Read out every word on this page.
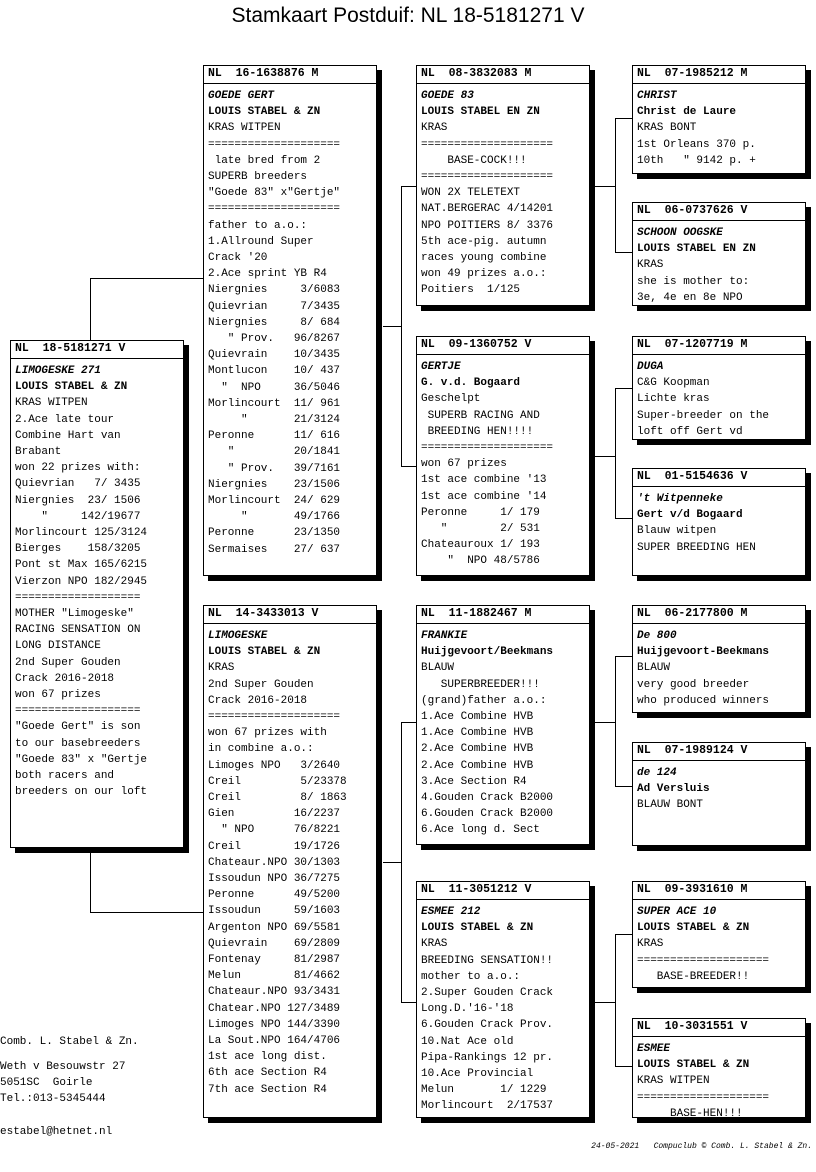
Stamkaart Postduif: NL 18-5181271 V
NL  18-5181271 V
LIMOGESKE 271
LOUIS STABEL & ZN
KRAS WITPEN
2.Ace late tour
Combine Hart van
Brabant
won 22 prizes with:
Quievrian   7/ 3435
Niergnies  23/ 1506
"     142/19677
Morlincourt 125/3124
Bierges    158/3205
Pont st Max 165/6215
Vierzon NPO 182/2945
===================
MOTHER "Limogeske"
RACING SENSATION ON
LONG DISTANCE
2nd Super Gouden
Crack 2016-2018
won 67 prizes
===================
"Goede Gert" is son
to our basebreeders
"Goede 83" x "Gertje
both racers and
breeders on our loft
NL  16-1638876 M
GOEDE GERT
LOUIS STABEL & ZN
KRAS WITPEN
====================
late bred from 2
SUPERB breeders
"Goede 83" x"Gertje"
====================
father to a.o.:
1.Allround Super
Crack '20
2.Ace sprint YB R4
Niergnies     3/6083
Quievrian     7/3435
Niergnies     8/ 684
" Prov.   96/8267
Quievrain    10/3435
Montlucon    10/ 437
"  NPO     36/5046
Morlincourt  11/ 961
"       21/3124
Peronne      11/ 616
"         20/1841
" Prov.   39/7161
Niergnies    23/1506
Morlincourt  24/ 629
"       49/1766
Peronne      23/1350
Sermaises    27/ 637
NL  14-3433013 V
LIMOGESKE
LOUIS STABEL & ZN
KRAS
2nd Super Gouden
Crack 2016-2018
====================
won 67 prizes with
in combine a.o.:
Limoges NPO   3/2640
Creil         5/23378
Creil         8/ 1863
Gien         16/2237
" NPO      76/8221
Creil        19/1726
Chateaur.NPO 30/1303
Issoudun NPO 36/7275
Peronne      49/5200
Issoudun     59/1603
Argenton NPO 69/5581
Quievrain    69/2809
Fontenay     81/2987
Melun        81/4662
Chateaur.NPO 93/3431
Chatear.NPO 127/3489
Limoges NPO 144/3390
La Sout.NPO 164/4706
1st ace long dist.
6th ace Section R4
7th ace Section R4
NL  08-3832083 M
GOEDE 83
LOUIS STABEL EN ZN
KRAS
====================
BASE-COCK!!!
====================
WON 2X TELETEXT
NAT.BERGERAC 4/14201
NPO POITIERS 8/ 3376
5th ace-pig. autumn
races young combine
won 49 prizes a.o.:
Poitiers  1/125
NL  09-1360752 V
GERTJE
G. v.d. Bogaard
Geschelpt
SUPERB RACING AND
BREEDING HEN!!!!
====================
won 67 prizes
1st ace combine '13
1st ace combine '14
Peronne     1/ 179
"        2/ 531
Chateauroux 1/ 193
"  NPO 48/5786
NL  11-1882467 M
FRANKIE
Huijgevoort/Beekmans
BLAUW
SUPERBREEDER!!!
(grand)father a.o.:
1.Ace Combine HVB
1.Ace Combine HVB
2.Ace Combine HVB
2.Ace Combine HVB
3.Ace Section R4
4.Gouden Crack B2000
6.Gouden Crack B2000
6.Ace long d. Sect
NL  11-3051212 V
ESMEE 212
LOUIS STABEL & ZN
KRAS
BREEDING SENSATION!!
mother to a.o.:
2.Super Gouden Crack
Long.D.'16-'18
6.Gouden Crack Prov.
10.Nat Ace old
Pipa-Rankings 12 pr.
10.Ace Provincial
Melun       1/ 1229
Morlincourt  2/17537
NL  07-1985212 M
CHRIST
Christ de Laure
KRAS BONT
1st Orleans 370 p.
10th   " 9142 p. +
NL  06-0737626 V
SCHOON OOGSKE
LOUIS STABEL EN ZN
KRAS
she is mother to:
3e, 4e en 8e NPO
NL  07-1207719 M
DUGA
C&G Koopman
Lichte kras
Super-breeder on the
loft off Gert vd
NL  01-5154636 V
't Witpenneke
Gert v/d Bogaard
Blauw witpen
SUPER BREEDING HEN
NL  06-2177800 M
De 800
Huijgevoort-Beekmans
BLAUW
very good breeder
who produced winners
NL  07-1989124 V
de 124
Ad Versluis
BLAUW BONT
NL  09-3931610 M
SUPER ACE 10
LOUIS STABEL & ZN
KRAS
====================
BASE-BREEDER!!
NL  10-3031551 V
ESMEE
LOUIS STABEL & ZN
KRAS WITPEN
====================
BASE-HEN!!!
Comb. L. Stabel & Zn.
Weth v Besouwstr 27
5051SC  Goirle
Tel.:013-5345444
estabel@hetnet.nl
24-05-2021   Compuclub © Comb. L. Stabel & Zn.
